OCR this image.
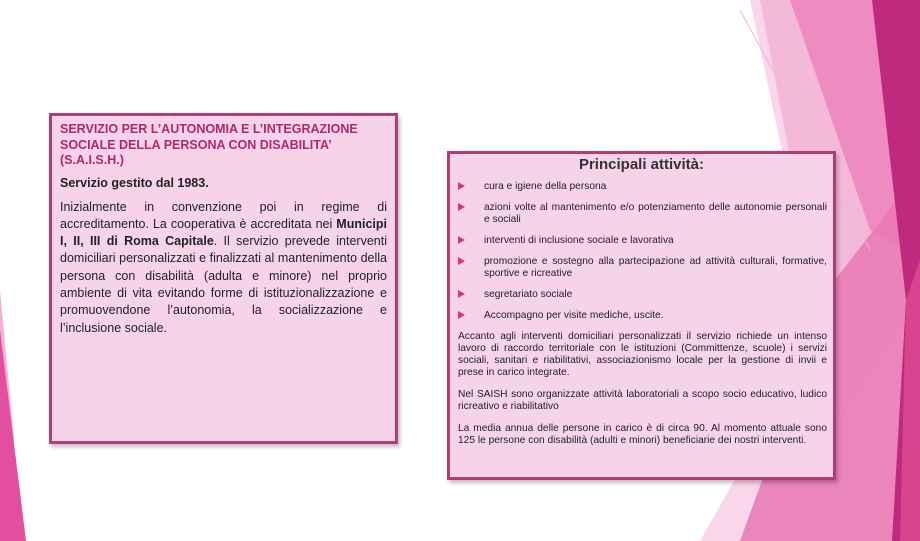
SERVIZIO PER L’AUTONOMIA E L’INTEGRAZIONE SOCIALE DELLA PERSONA CON DISABILITA’ (S.A.I.S.H.)

Servizio gestito dal 1983.

Inizialmente in convenzione poi in regime di accreditamento. La cooperativa è accreditata nei Municipi I, II, III di Roma Capitale. Il servizio prevede interventi domiciliari personalizzati e finalizzati al mantenimento della persona con disabilità (adulta e minore) nel proprio ambiente di vita evitando forme di istituzionalizzazione e promuovendone l’autonomia, la socializzazione e l’inclusione sociale.

Principali attività:
cura e igiene della persona
azioni volte al mantenimento e/o potenziamento delle autonomie personali e sociali
interventi di inclusione sociale e lavorativa
promozione e sostegno alla partecipazione ad attività culturali, formative, sportive e ricreative
segretariato sociale
Accompagno per visite mediche, uscite.

Accanto agli interventi domiciliari personalizzati il servizio richiede un intenso lavoro di raccordo territoriale con le istituzioni (Committenze, scuole) i servizi sociali, sanitari e riabilitativi, associazionismo locale per la gestione di invii e prese in carico integrate.

Nel SAISH sono organizzate attività laboratoriali a scopo socio educativo, ludico ricreativo e riabilitativo

La media annua delle persone in carico è di circa 90. Al momento attuale sono 125 le persone con disabilità (adulti e minori) beneficiarie dei nostri interventi.
